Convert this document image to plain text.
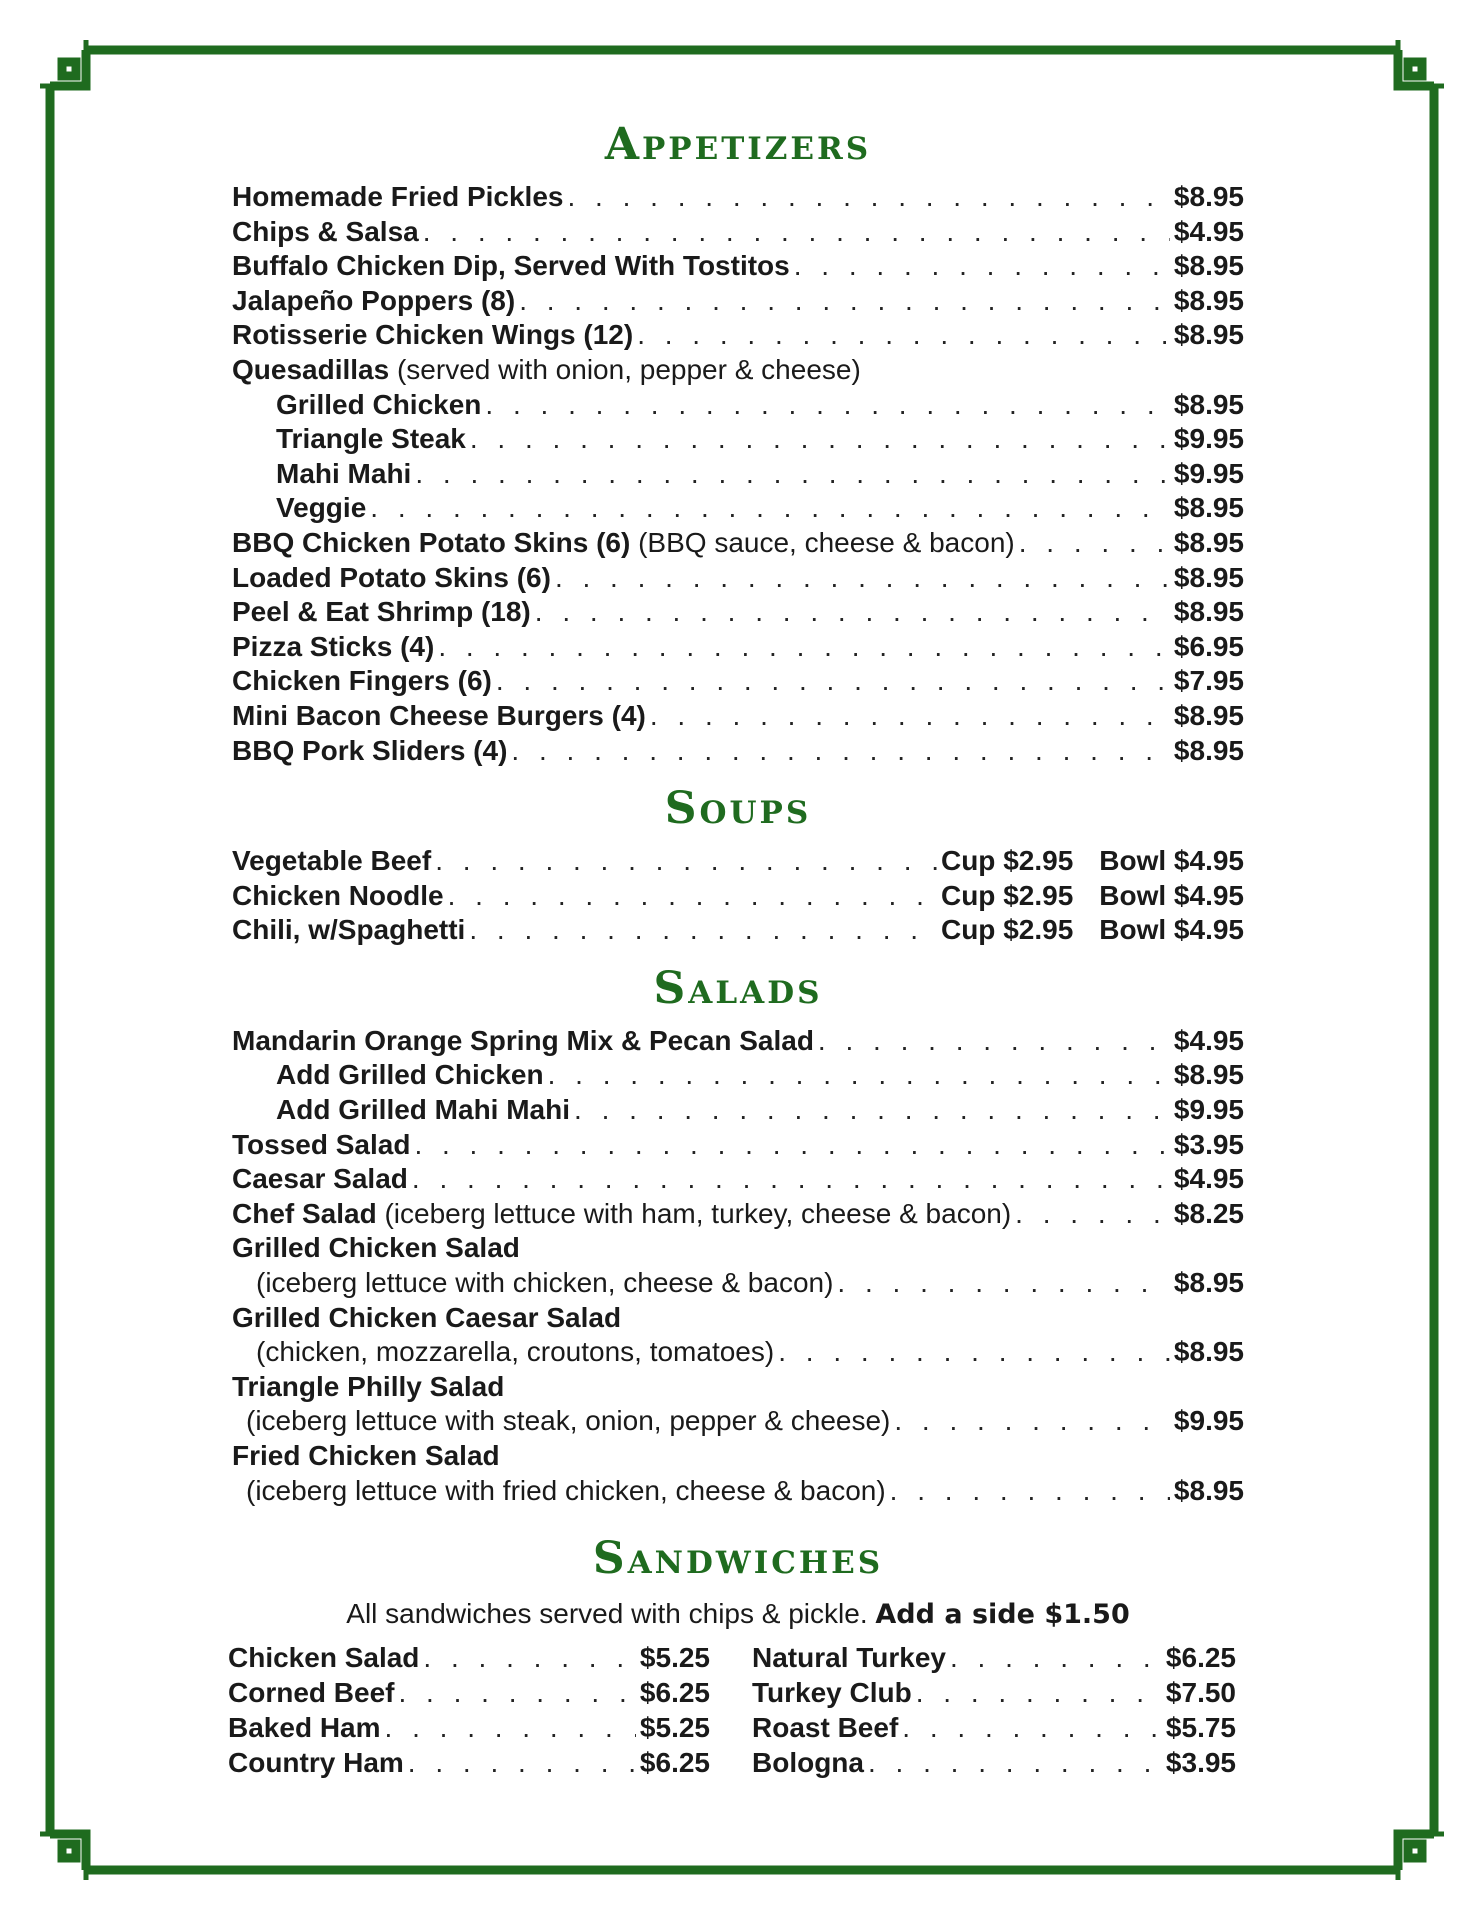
Appetizers
Homemade Fried Pickles . . .	$8.95
Chips & Salsa . . .	$4.95
Buffalo Chicken Dip, Served With Tostitos . . .	$8.95
Jalapeño Poppers (8) . . .	$8.95
Rotisserie Chicken Wings (12) . . .	$8.95
Quesadillas
(served with onion, pepper & cheese)
Grilled Chicken . . .	$8.95
Triangle Steak . . .	$9.95
Mahi Mahi . . .	$9.95
Veggie . . .	$8.95
BBQ Chicken Potato Skins (6)
(BBQ sauce, cheese & bacon) . . .	$8.95
Loaded Potato Skins (6) . . .	$8.95
Peel & Eat Shrimp (18) . . .	$8.95
Pizza Sticks (4) . . .	$6.95
Chicken Fingers (6) . . .	$7.95
Mini Bacon Cheese Burgers (4) . . .	$8.95
BBQ Pork Sliders (4) . . .	$8.95
Soups
Vegetable Beef . . .	Cup $2.95 Bowl $4.95
Chicken Noodle . . .	Cup $2.95 Bowl $4.95
Chili, w/Spaghetti . . .	Cup $2.95 Bowl $4.95
Salads
Mandarin Orange Spring Mix & Pecan Salad . . .	$4.95
Add Grilled Chicken . . .	$8.95
Add Grilled Mahi Mahi . . .	$9.95
Tossed Salad . . .	$3.95
Caesar Salad . . .	$4.95
Chef Salad
(iceberg lettuce with ham, turkey, cheese & bacon) . . .	$8.25
Grilled Chicken Salad
(iceberg lettuce with chicken, cheese & bacon) . . .	$8.95
Grilled Chicken Caesar Salad
(chicken, mozzarella, croutons, tomatoes) . . .	$8.95
Triangle Philly Salad
(iceberg lettuce with steak, onion, pepper & cheese) . . .	$9.95
Fried Chicken Salad
(iceberg lettuce with fried chicken, cheese & bacon) . . .	$8.95
Sandwiches
All sandwiches served with chips & pickle. Add a side $1.50
Chicken Salad . . .	$5.25
Corned Beef . . .	$6.25
Baked Ham . . .	$5.25
Country Ham . . .	$6.25
Natural Turkey . . .	$6.25
Turkey Club . . .	$7.50
Roast Beef . . .	$5.75
Bologna . . .	$3.95
